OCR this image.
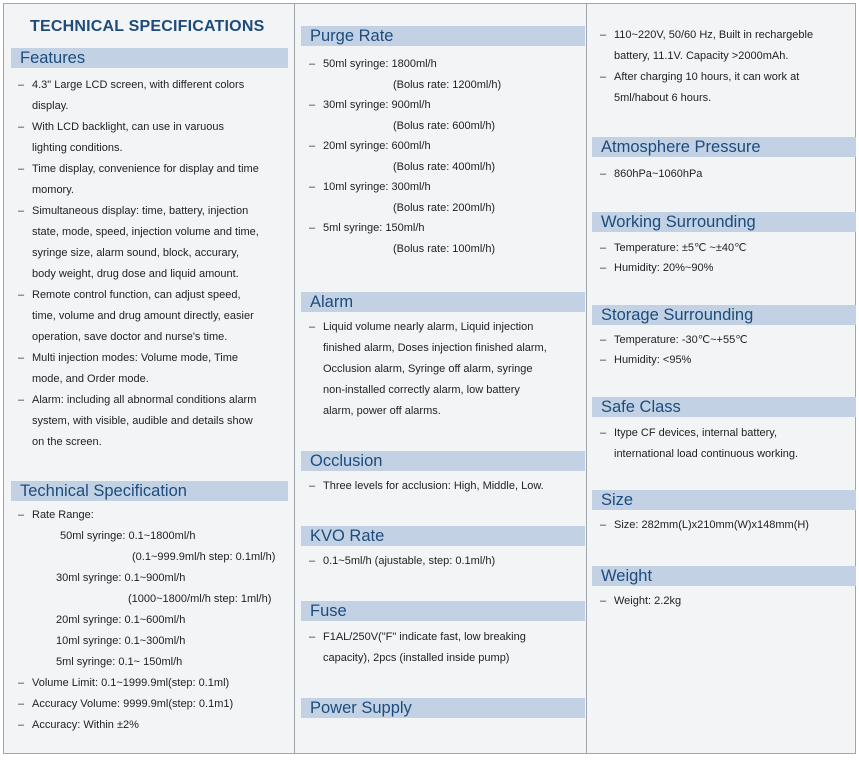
TECHNICAL SPECIFICATIONS
Features
– 4.3" Large LCD screen, with different colors
display.
– With LCD backlight, can use in varuous
lighting conditions.
– Time display, convenience for display and time
momory.
– Simultaneous display: time, battery, injection
state, mode, speed, injection volume and time,
syringe size, alarm sound, block, accurary,
body weight, drug dose and liquid amount.
– Remote control function, can adjust speed,
time, volume and drug amount directly, easier
operation, save doctor and nurse's time.
– Multi injection modes: Volume mode, Time
mode, and Order mode.
– Alarm: including all abnormal conditions alarm
system, with visible, audible and details show
on the screen.
Technical Specification
– Rate Range:
50ml syringe: 0.1~1800ml/h
(0.1~999.9ml/h step: 0.1ml/h)
30ml syringe: 0.1~900ml/h
(1000~1800/ml/h step: 1ml/h)
20ml syringe: 0.1~600ml/h
10ml syringe: 0.1~300ml/h
5ml syringe: 0.1~ 150ml/h
– Volume Limit: 0.1~1999.9ml(step: 0.1ml)
– Accuracy Volume: 9999.9ml(step: 0.1m1)
– Accuracy: Within ±2%
Purge Rate
– 50ml syringe: 1800ml/h
(Bolus rate: 1200ml/h)
– 30ml syringe: 900ml/h
(Bolus rate: 600ml/h)
– 20ml syringe: 600ml/h
(Bolus rate: 400ml/h)
– 10ml syringe: 300ml/h
(Bolus rate: 200ml/h)
– 5ml syringe: 150ml/h
(Bolus rate: 100ml/h)
Alarm
– Liquid volume nearly alarm, Liquid injection
finished alarm, Doses injection finished alarm,
Occlusion alarm, Syringe off alarm, syringe
non-installed correctly alarm, low battery
alarm, power off alarms.
Occlusion
– Three levels for acclusion: High, Middle, Low.
KVO Rate
– 0.1~5ml/h (ajustable, step: 0.1ml/h)
Fuse
– F1AL/250V("F" indicate fast, low breaking
capacity), 2pcs (installed inside pump)
Power Supply
– 110~220V, 50/60 Hz, Built in rechargeble
battery, 11.1V. Capacity >2000mAh.
– After charging 10 hours, it can work at
5ml/habout 6 hours.
Atmosphere Pressure
– 860hPa~1060hPa
Working Surrounding
– Temperature: ±5℃ ~±40℃
– Humidity: 20%~90%
Storage Surrounding
– Temperature: -30℃~+55℃
– Humidity: <95%
Safe Class
– Itype CF devices, internal battery,
international load continuous working.
Size
– Size: 282mm(L)x210mm(W)x148mm(H)
Weight
– Weight: 2.2kg
